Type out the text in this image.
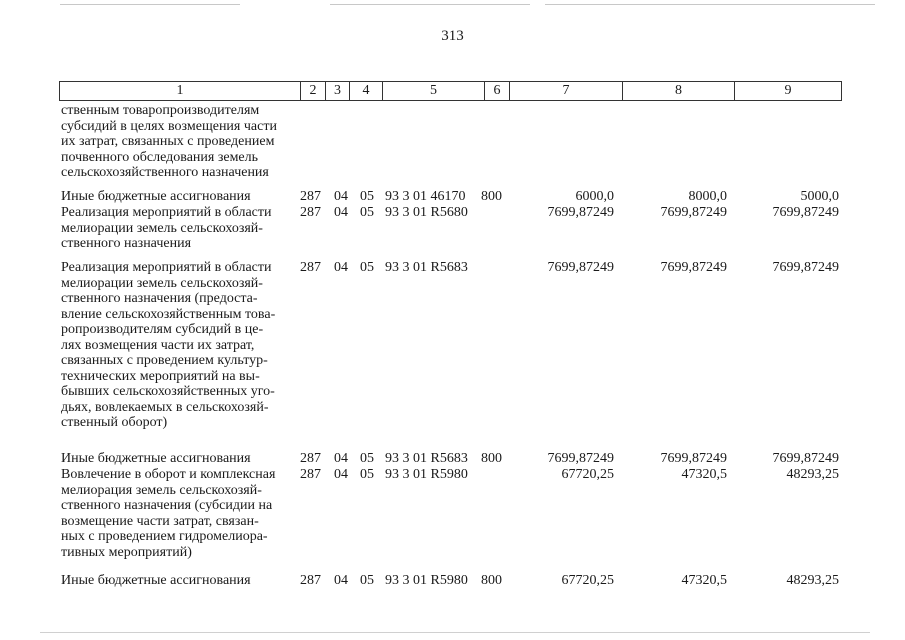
313
1	2	3	4	5	6	7	8	9
ственным товаропроизводителям
субсидий в целях возмещения части
их затрат, связанных с проведением
почвенного обследования земель
сельскохозяйственного назначения
Иные бюджетные ассигнования	287 04 05 93 3 01 46170 800	6000,0	8000,0	5000,0
Реализация мероприятий в области
мелиорации земель сельскохозяй-
ственного назначения
287 04 05 93 3 01 R5680	7699,87249	7699,87249	7699,87249
Реализация мероприятий в области
мелиорации земель сельскохозяй-
ственного назначения (предоста-
вление сельскохозяйственным това-
ропроизводителям субсидий в це-
лях возмещения части их затрат,
связанных с проведением культур-
технических мероприятий на вы-
бывших сельскохозяйственных уго-
дьях, вовлекаемых в сельскохозяй-
ственный оборот)
287 04 05 93 3 01 R5683	7699,87249	7699,87249	7699,87249
Иные бюджетные ассигнования	287 04 05 93 3 01 R5683 800	7699,87249	7699,87249	7699,87249
Вовлечение в оборот и комплексная
мелиорация земель сельскохозяй-
ственного назначения (субсидии на
возмещение части затрат, связан-
ных с проведением гидромелиора-
тивных мероприятий)
287 04 05 93 3 01 R5980	67720,25	47320,5	48293,25
Иные бюджетные ассигнования	287 04 05 93 3 01 R5980 800	67720,25	47320,5	48293,25
